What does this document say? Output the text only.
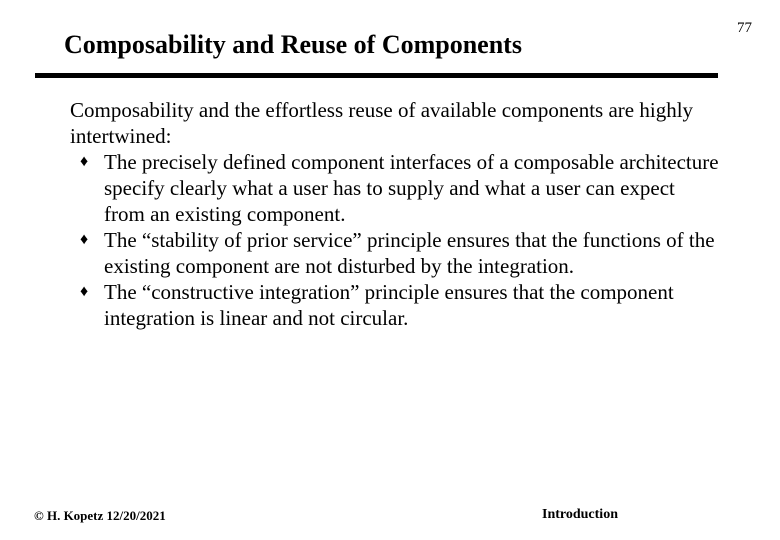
77
Composability and Reuse of Components

Composability and the effortless reuse of available components are highly intertwined:

♦ The precisely defined component interfaces of a composable architecture specify clearly what a user has to supply and what a user can expect from an existing component.
♦ The “stability of prior service” principle ensures that the functions of the existing component are not disturbed by the integration.
♦ The “constructive integration” principle ensures that the component integration is linear and not circular.
© H. Kopetz 12/20/2021	Introduction
